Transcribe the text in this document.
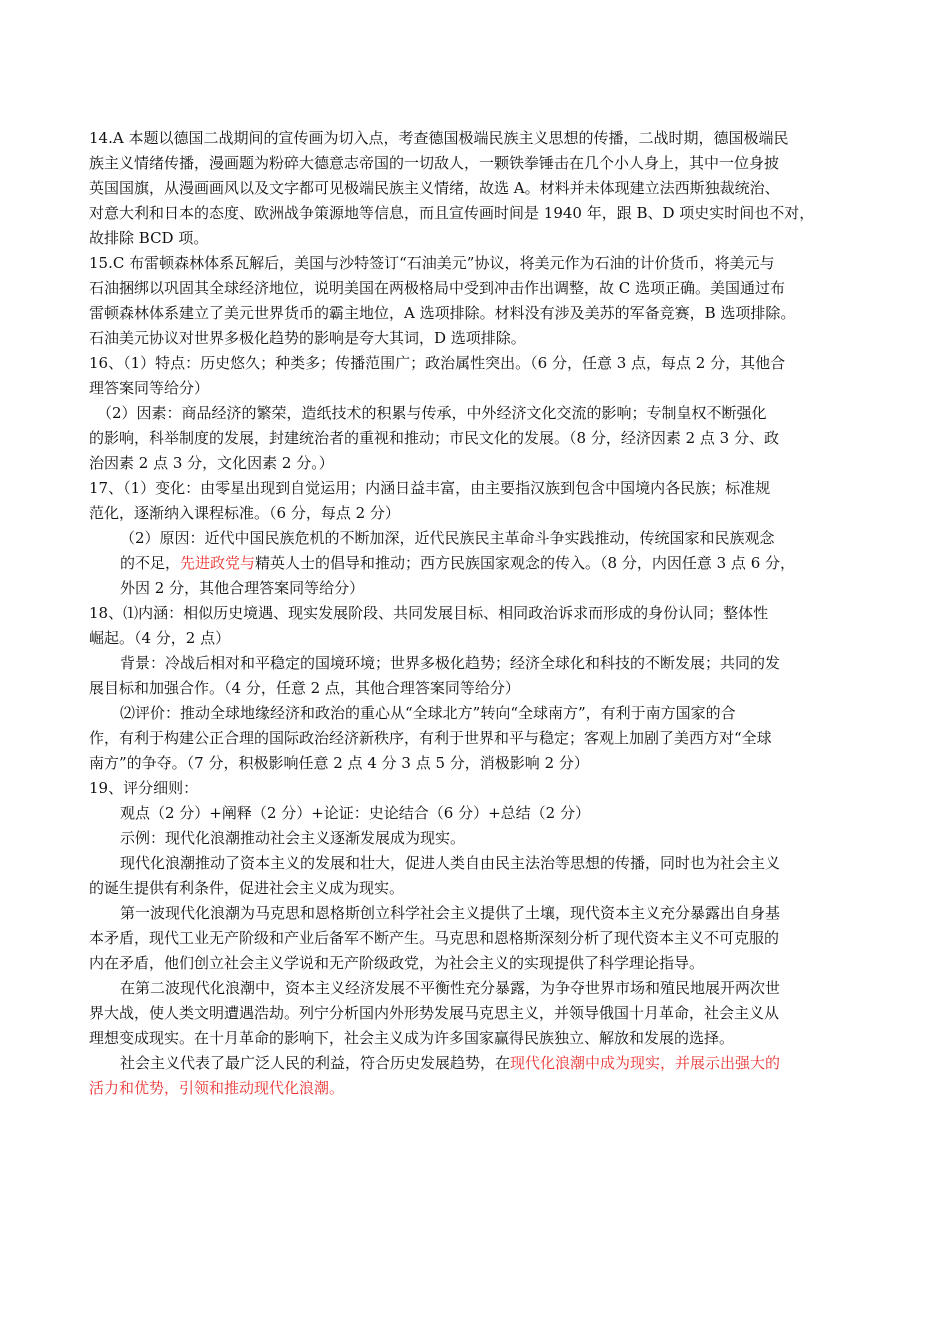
14.A 本题以德国二战期间的宣传画为切入点，考查德国极端民族主义思想的传播，二战时期，德国极端民
族主义情绪传播，漫画题为粉碎大德意志帝国的一切敌人，一颗铁拳锤击在几个小人身上，其中一位身披
英国国旗，从漫画画风以及文字都可见极端民族主义情绪，故选 A。材料并未体现建立法西斯独裁统治、
对意大利和日本的态度、欧洲战争策源地等信息，而且宣传画时间是 1940 年，跟 B、D 项史实时间也不对，
故排除 BCD 项。
15.C 布雷顿森林体系瓦解后，美国与沙特签订“石油美元”协议，将美元作为石油的计价货币，将美元与
石油捆绑以巩固其全球经济地位，说明美国在两极格局中受到冲击作出调整，故 C 选项正确。美国通过布
雷顿森林体系建立了美元世界货币的霸主地位，A 选项排除。材料没有涉及美苏的军备竞赛，B 选项排除。
石油美元协议对世界多极化趋势的影响是夸大其词，D 选项排除。
16、（1）特点：历史悠久；种类多；传播范围广；政治属性突出。（6 分，任意 3 点，每点 2 分，其他合
理答案同等给分）
（2）因素：商品经济的繁荣，造纸技术的积累与传承，中外经济文化交流的影响；专制皇权不断强化
的影响，科举制度的发展，封建统治者的重视和推动；市民文化的发展。（8 分，经济因素 2 点 3 分、政
治因素 2 点 3 分，文化因素 2 分。）
17、（1）变化：由零星出现到自觉运用；内涵日益丰富，由主要指汉族到包含中国境内各民族；标准规
范化，逐渐纳入课程标准。（6 分，每点 2 分）
（2）原因：近代中国民族危机的不断加深，近代民族民主革命斗争实践推动，传统国家和民族观念
的不足，先进政党与精英人士的倡导和推动；西方民族国家观念的传入。（8 分，内因任意 3 点 6 分，
外因 2 分，其他合理答案同等给分）
18、⑴内涵：相似历史境遇、现实发展阶段、共同发展目标、相同政治诉求而形成的身份认同；整体性
崛起。（4 分，2 点）
背景：冷战后相对和平稳定的国境环境；世界多极化趋势；经济全球化和科技的不断发展；共同的发
展目标和加强合作。（4 分，任意 2 点，其他合理答案同等给分）
⑵评价：推动全球地缘经济和政治的重心从“全球北方”转向“全球南方”，有利于南方国家的合
作，有利于构建公正合理的国际政治经济新秩序，有利于世界和平与稳定；客观上加剧了美西方对“全球
南方”的争夺。（7 分，积极影响任意 2 点 4 分 3 点 5 分，消极影响 2 分）
19、评分细则：
观点（2 分）+阐释（2 分）+论证：史论结合（6 分）+总结（2 分）
示例：现代化浪潮推动社会主义逐渐发展成为现实。
现代化浪潮推动了资本主义的发展和壮大，促进人类自由民主法治等思想的传播，同时也为社会主义
的诞生提供有利条件，促进社会主义成为现实。
第一波现代化浪潮为马克思和恩格斯创立科学社会主义提供了土壤，现代资本主义充分暴露出自身基
本矛盾，现代工业无产阶级和产业后备军不断产生。马克思和恩格斯深刻分析了现代资本主义不可克服的
内在矛盾，他们创立社会主义学说和无产阶级政党，为社会主义的实现提供了科学理论指导。
在第二波现代化浪潮中，资本主义经济发展不平衡性充分暴露，为争夺世界市场和殖民地展开两次世
界大战，使人类文明遭遇浩劫。列宁分析国内外形势发展马克思主义，并领导俄国十月革命，社会主义从
理想变成现实。在十月革命的影响下，社会主义成为许多国家赢得民族独立、解放和发展的选择。
社会主义代表了最广泛人民的利益，符合历史发展趋势，在现代化浪潮中成为现实，并展示出强大的
活力和优势，引领和推动现代化浪潮。
